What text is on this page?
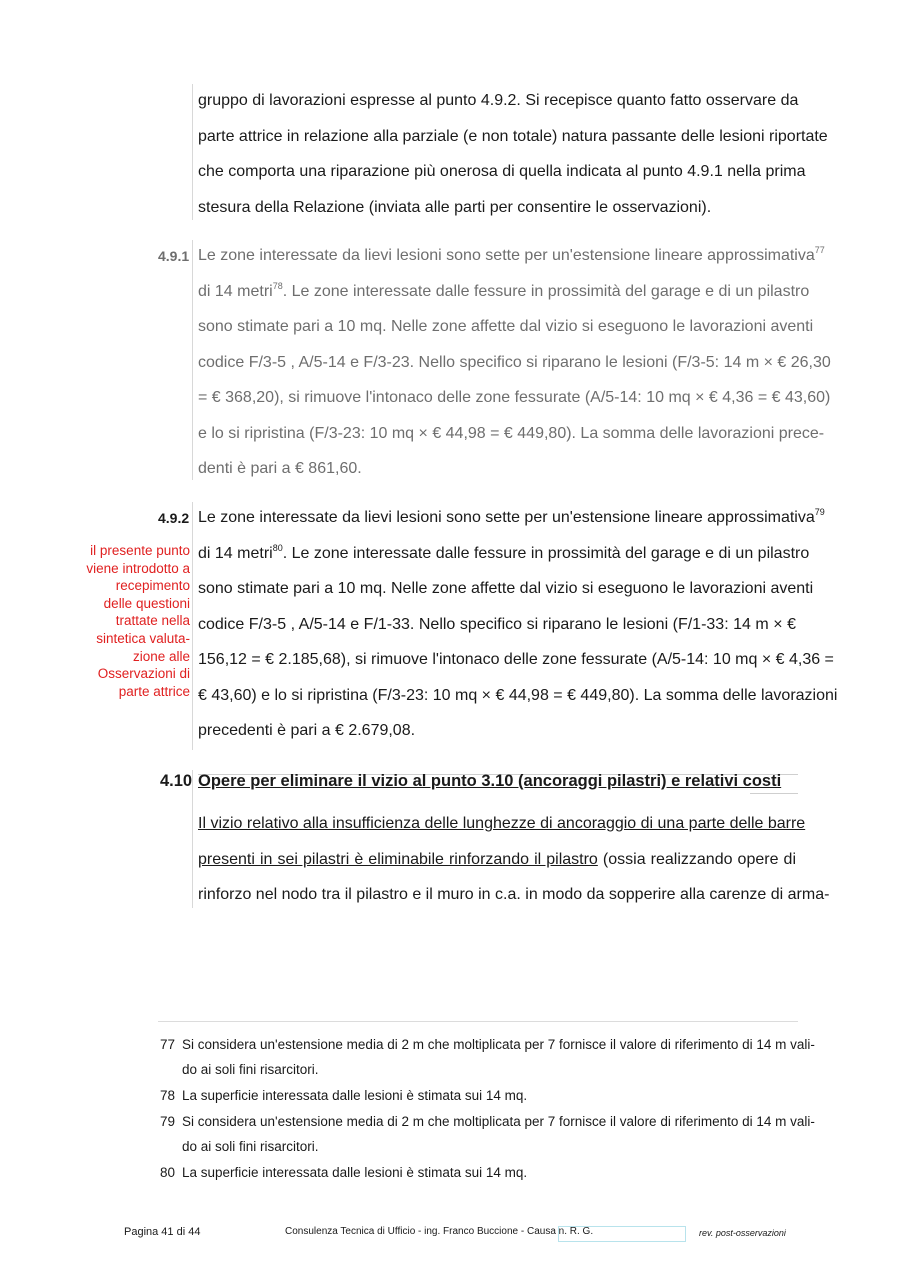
gruppo di lavorazioni espresse al punto 4.9.2. Si recepisce quanto fatto osservare da
parte attrice in relazione alla parziale (e non totale) natura passante delle lesioni riportate
che comporta una riparazione più onerosa di quella indicata al punto 4.9.1 nella prima
stesura della Relazione (inviata alle parti per consentire le osservazioni).
4.9.1 Le zone interessate da lievi lesioni sono sette per un'estensione lineare approssimativa$^{77}$
di 14 metri$^{78}$. Le zone interessate dalle fessure in prossimità del garage e di un pilastro
sono stimate pari a 10 mq. Nelle zone affette dal vizio si eseguono le lavorazioni aventi
codice F/3-5 , A/5-14 e F/3-23. Nello specifico si riparano le lesioni (F/3-5: 14 m × € 26,30
= € 368,20), si rimuove l'intonaco delle zone fessurate (A/5-14: 10 mq × € 4,36 = € 43,60)
e lo si ripristina (F/3-23: 10 mq × € 44,98 = € 449,80). La somma delle lavorazioni prece-
denti è pari a € 861,60.
4.9.2 Le zone interessate da lievi lesioni sono sette per un'estensione lineare approssimativa$^{79}$
di 14 metri$^{80}$. Le zone interessate dalle fessure in prossimità del garage e di un pilastro
sono stimate pari a 10 mq. Nelle zone affette dal vizio si eseguono le lavorazioni aventi
codice F/3-5 , A/5-14 e F/1-33. Nello specifico si riparano le lesioni (F/1-33: 14 m × €
156,12 = € 2.185,68), si rimuove l'intonaco delle zone fessurate (A/5-14: 10 mq × € 4,36 =
€ 43,60) e lo si ripristina (F/3-23: 10 mq × € 44,98 = € 449,80). La somma delle lavorazioni
precedenti è pari a € 2.679,08.
il presente punto
viene introdotto a
recepimento
delle questioni
trattate nella
sintetica valuta-
zione alle
Osservazioni di
parte attrice
4.10 Opere per eliminare il vizio al punto 3.10 (ancoraggi pilastri) e relativi costi
Il vizio relativo alla insufficienza delle lunghezze di ancoraggio di una parte delle barre
presenti in sei pilastri è eliminabile rinforzando il pilastro (ossia realizzando opere di
rinforzo nel nodo tra il pilastro e il muro in c.a. in modo da sopperire alla carenze di arma-
77 Si considera un'estensione media di 2 m che moltiplicata per 7 fornisce il valore di riferimento di 14 m vali-
do ai soli fini risarcitori.
78 La superficie interessata dalle lesioni è stimata sui 14 mq.
79 Si considera un'estensione media di 2 m che moltiplicata per 7 fornisce il valore di riferimento di 14 m vali-
do ai soli fini risarcitori.
80 La superficie interessata dalle lesioni è stimata sui 14 mq.
Pagina 41 di 44	Consulenza Tecnica di Ufficio - ing. Franco Buccione - Causa n. R. G.	rev. post-osservazioni
